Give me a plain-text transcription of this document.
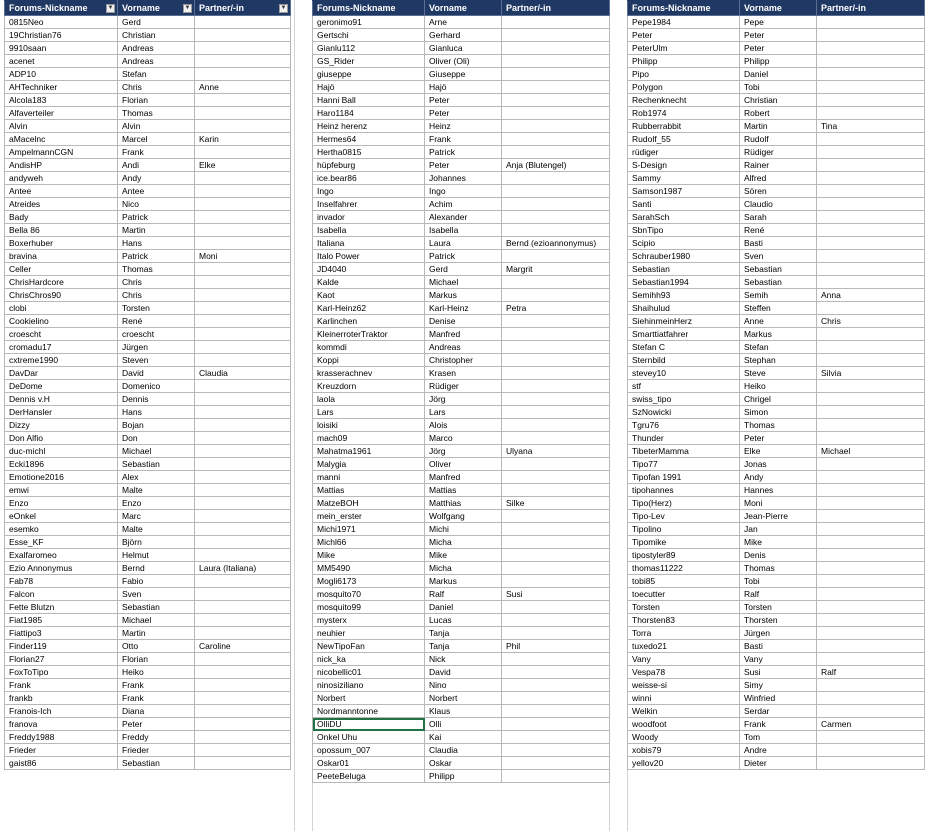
Forums-Nickname ▼	Vorname ▼	Partner/-in ▼

0815Neo	Gerd	
19Christian76	Christian	
9910saan	Andreas	
acenet	Andreas	
ADP10	Stefan	
AHTechniker	Chris	Anne
Alcola183	Florian	
Alfaverteiler	Thomas	
Alvin	Alvin	
aMacelnc	Marcel	Karin
AmpelmannCGN	Frank	
AndisHP	Andi	Elke
andyweh	Andy	
Antee	Antee	
Atreides	Nico	
Bady	Patrick	
Bella 86	Martin	
Boxerhuber	Hans	
bravina	Patrick	Moni
Celler	Thomas	
ChrisHardcore	Chris	
ChrisChros90	Chris	
clobi	Torsten	
Cookielino	René	
croescht	croescht	
cromadu17	Jürgen	
cxtreme1990	Steven	
DavDar	David	Claudia
DeDome	Domenico	
Dennis v.H	Dennis	
DerHansler	Hans	
Dizzy	Bojan	
Don Alfio	Don	
duc-michl	Michael	
Ecki1896	Sebastian	
Emotione2016	Alex	
emwi	Malte	
Enzo	Enzo	
eOnkel	Marc	
esemko	Malte	
Esse_KF	Björn	
Exalfaromeo	Helmut	
Ezio Annonymus	Bernd	Laura (Italiana)
Fab78	Fabio	
Falcon	Sven	
Fette Blutzn	Sebastian	
Fiat1985	Michael	
Fiattipo3	Martin	
Finder119	Otto	Caroline
Florian27	Florian	
FoxToTipo	Heiko	
Frank	Frank	
frankb	Frank	
Franois-Ich	Diana	
franova	Peter	
Freddy1988	Freddy	
Frieder	Frieder	
gaist86	Sebastian	
Forums-Nickname	Vorname	Partner/-in
geronimo91	Arne	
Gertschi	Gerhard	
Gianlu112	Gianluca	
GS_Rider	Oliver (Oli)	
giuseppe	Giuseppe	
Hajö	Hajö	
Hanni Ball	Peter	
Haro1184	Peter	
Heinz herenz	Heinz	
Hermes64	Frank	
Hertha0815	Patrick	
hüpfeburg	Peter	Anja (Blutengel)
ice.bear86	Johannes	
Ingo	Ingo	
Inselfahrer	Achim	
invador	Alexander	
Isabella	Isabella	
Italiana	Laura	Bernd (ezioannonymus)
Italo Power	Patrick	
JD4040	Gerd	Margrit
Kalde	Michael	
Kaot	Markus	
Karl-Heinz62	Karl-Heinz	Petra
Karlinchen	Denise	
KleinerroterTraktor	Manfred	
kommdi	Andreas	
Koppi	Christopher	
krasserachnev	Krasen	
Kreuzdorn	Rüdiger	
laola	Jörg	
Lars	Lars	
loisiki	Alois	
mach09	Marco	
Mahatma1961	Jörg	Ulyana
Malygia	Oliver	
manni	Manfred	
Mattias	Mattias	
MatzeBOH	Matthias	Silke
mein_erster	Wolfgang	
Michi1971	Michi	
Michl66	Micha	
Mike	Mike	
MM5490	Micha	
Mogli6173	Markus	
mosquito70	Ralf	Susi
mosquito99	Daniel	
mysterx	Lucas	
neuhier	Tanja	
NewTipoFan	Tanja	Phil
nick_ka	Nick	
nicobellic01	David	
ninosiziliano	Nino	
Norbert	Norbert	
Nordmanntonne	Klaus	
OlliDU	Olli	
Onkel Uhu	Kai	
opossum_007	Claudia	
Oskar01	Oskar	
PeeteBeluga	Philipp	
Forums-Nickname	Vorname	Partner/-in
Pepe1984	Pepe	
Peter	Peter	
PeterUlm	Peter	
Philipp	Philipp	
Pipo	Daniel	
Polygon	Tobi	
Rechenknecht	Christian	
Rob1974	Robert	
Rubberrabbit	Martin	Tina
Rudolf_55	Rudolf	
rüdiger	Rüdiger	
S-Design	Rainer	
Sammy	Alfred	
Samson1987	Sören	
Santi	Claudio	
SarahSch	Sarah	
SbnTipo	René	
Scipio	Basti	
Schrauber1980	Sven	
Sebastian	Sebastian	
Sebastian1994	Sebastian	
Semihh93	Semih	Anna
Shaihulud	Steffen	
SiehinmeinHerz	Anne	Chris
Smarttiatfahrer	Markus	
Stefan C	Stefan	
Sternbild	Stephan	
stevey10	Steve	Silvia
stf	Heiko	
swiss_tipo	Chrigel	
SzNowicki	Simon	
Tgru76	Thomas	
Thunder	Peter	
TibeterMamma	Elke	Michael
Tipo77	Jonas	
Tipofan 1991	Andy	
tipohannes	Hannes	
Tipo(Herz)	Moni	
Tipo-Lev	Jean-Pierre	
Tipolino	Jan	
Tipomike	Mike	
tipostyler89	Denis	
thomas11222	Thomas	
tobi85	Tobi	
toecutter	Ralf	
Torsten	Torsten	
Thorsten83	Thorsten	
Torra	Jürgen	
tuxedo21	Basti	
Vany	Vany	
Vespa78	Susi	Ralf
weisse-si	Simy	
winni	Winfried	
Welkin	Serdar	
woodfoot	Frank	Carmen
Woody	Tom	
xobis79	Andre	
yellov20	Dieter	
